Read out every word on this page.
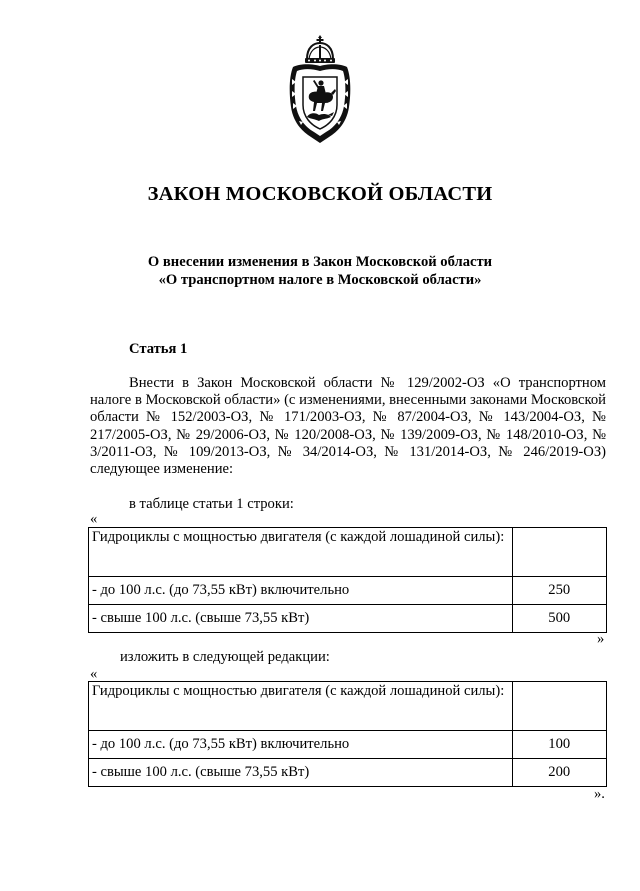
ЗАКОН МОСКОВСКОЙ ОБЛАСТИ
О внесении изменения в Закон Московской области
«О транспортном налоге в Московской области»
Статья 1
Внести в Закон Московской области № 129/2002-ОЗ «О транспортном налоге в Московской области» (с изменениями, внесенными законами Московской области № 152/2003-ОЗ, № 171/2003-ОЗ, № 87/2004-ОЗ, № 143/2004-ОЗ, № 217/2005-ОЗ, № 29/2006-ОЗ, № 120/2008-ОЗ, № 139/2009-ОЗ, № 148/2010-ОЗ, № 3/2011-ОЗ, № 109/2013-ОЗ, № 34/2014-ОЗ, № 131/2014-ОЗ, № 246/2019-ОЗ) следующее изменение:
в таблице статьи 1 строки:
«
Гидроциклы с мощностью двигателя (с каждой лошадиной силы):	
- до 100 л.с. (до 73,55 кВт) включительно	250
- свыше 100 л.с. (свыше 73,55 кВт)	500
»
изложить в следующей редакции:
«
Гидроциклы с мощностью двигателя (с каждой лошадиной силы):	
- до 100 л.с. (до 73,55 кВт) включительно	100
- свыше 100 л.с. (свыше 73,55 кВт)	200
».
